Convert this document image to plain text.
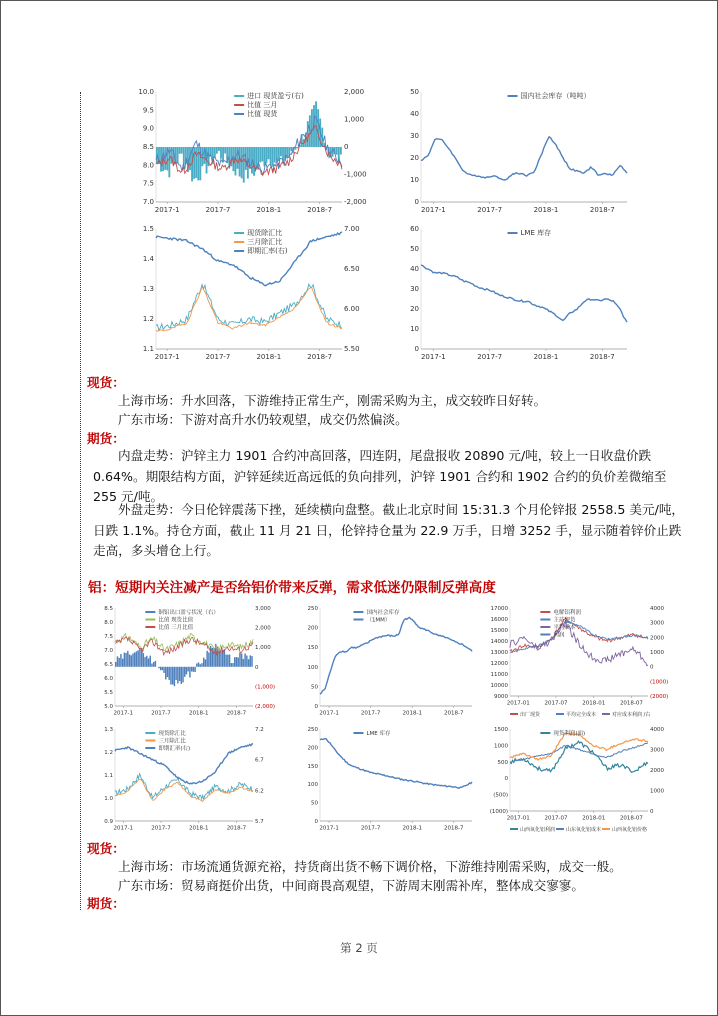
10.0
9.5
9.0
8.5
8.0
7.5
7.0
2,000
1,000
0
-1,000
-2,000
2017-1	2017-7	2018-1	2018-7
进口 现货盈亏(右)
比值 三月
比值 现货
50
40
30
20
10
0
2017-1	2017-7	2018-1	2018-7
国内社会库存（吨吨）
1.5
1.4
1.3
1.2
1.1
7.00
6.50
6.00
5.50
2017-1	2017-7	2018-1	2018-7
现货除汇比
三月除汇比
即期汇率(右)
60
50
40
30
20
10
0
2017-1	2017-7	2018-1	2018-7
LME 库存
现货：
上海市场：升水回落，下游维持正常生产，刚需采购为主，成交较昨日好转。
广东市场：下游对高升水仍较观望，成交仍然偏淡。
期货：
内盘走势：沪锌主力 1901 合约冲高回落，四连阴，尾盘报收 20890 元/吨，较上一日收盘价跌 0.64%。期限结构方面，沪锌延续近高远低的负向排列，沪锌 1901 合约和 1902 合约的负价差微缩至 255 元/吨。
外盘走势：今日伦锌震荡下挫，延续横向盘整。截止北京时间 15:31.3 个月伦锌报 2558.5 美元/吨，日跌 1.1%。持仓方面，截止 11 月 21 日，伦锌持仓量为 22.9 万手，日增 3252 手，显示随着锌价止跌走高，多头增仓上行。
铝：短期内关注减产是否给铝价带来反弹，需求低迷仍限制反弹高度
8.5
8.0
7.5
7.0
6.5
6.0
5.5
5.0
3,000
2,000
1,000
0
(1,000)
(2,000)
2017-1	2017-7	2018-1	2018-7
铜铝出口盈亏状况（右）
比值 现货比值
比值 三月比值
250
200
150
100
50
0
2017-1	2017-7	2018-1	2018-7
国内社会库存
（1MM）
17000
16000
15000
14000
13000
12000
11000
10000
9000
4000
3000
2000
1000
0
(1000)
(2000)
2017-01	2017-07	2018-01	2018-07
电解铝利润
主站现货
平均成本
利润
出厂现货	平均完全成本	对应成本利润 /右
1.3
1.2
1.1
1.0
0.9
7.2
6.7
6.2
5.7
2017-1	2017-7	2018-1	2018-7
现货除汇比
三月除汇比
即期汇率(右)
250
200
150
100
50
0
2017-1	2017-7	2018-1	2018-7
LME 库存
1500
1000
500
0
(500)
(1000)
4000
3000
2000
1000
0
2017-01	2017-07	2018-01	2018-07
现货利润(面)
山西氧化铝利润 山东氧化铝成本 山西氧化铝价格
现货：
上海市场：市场流通货源充裕，持货商出货不畅下调价格，下游维持刚需采购，成交一般。
广东市场：贸易商挺价出货，中间商畏高观望，下游周末刚需补库，整体成交寥寥。
期货：
第 2 页
